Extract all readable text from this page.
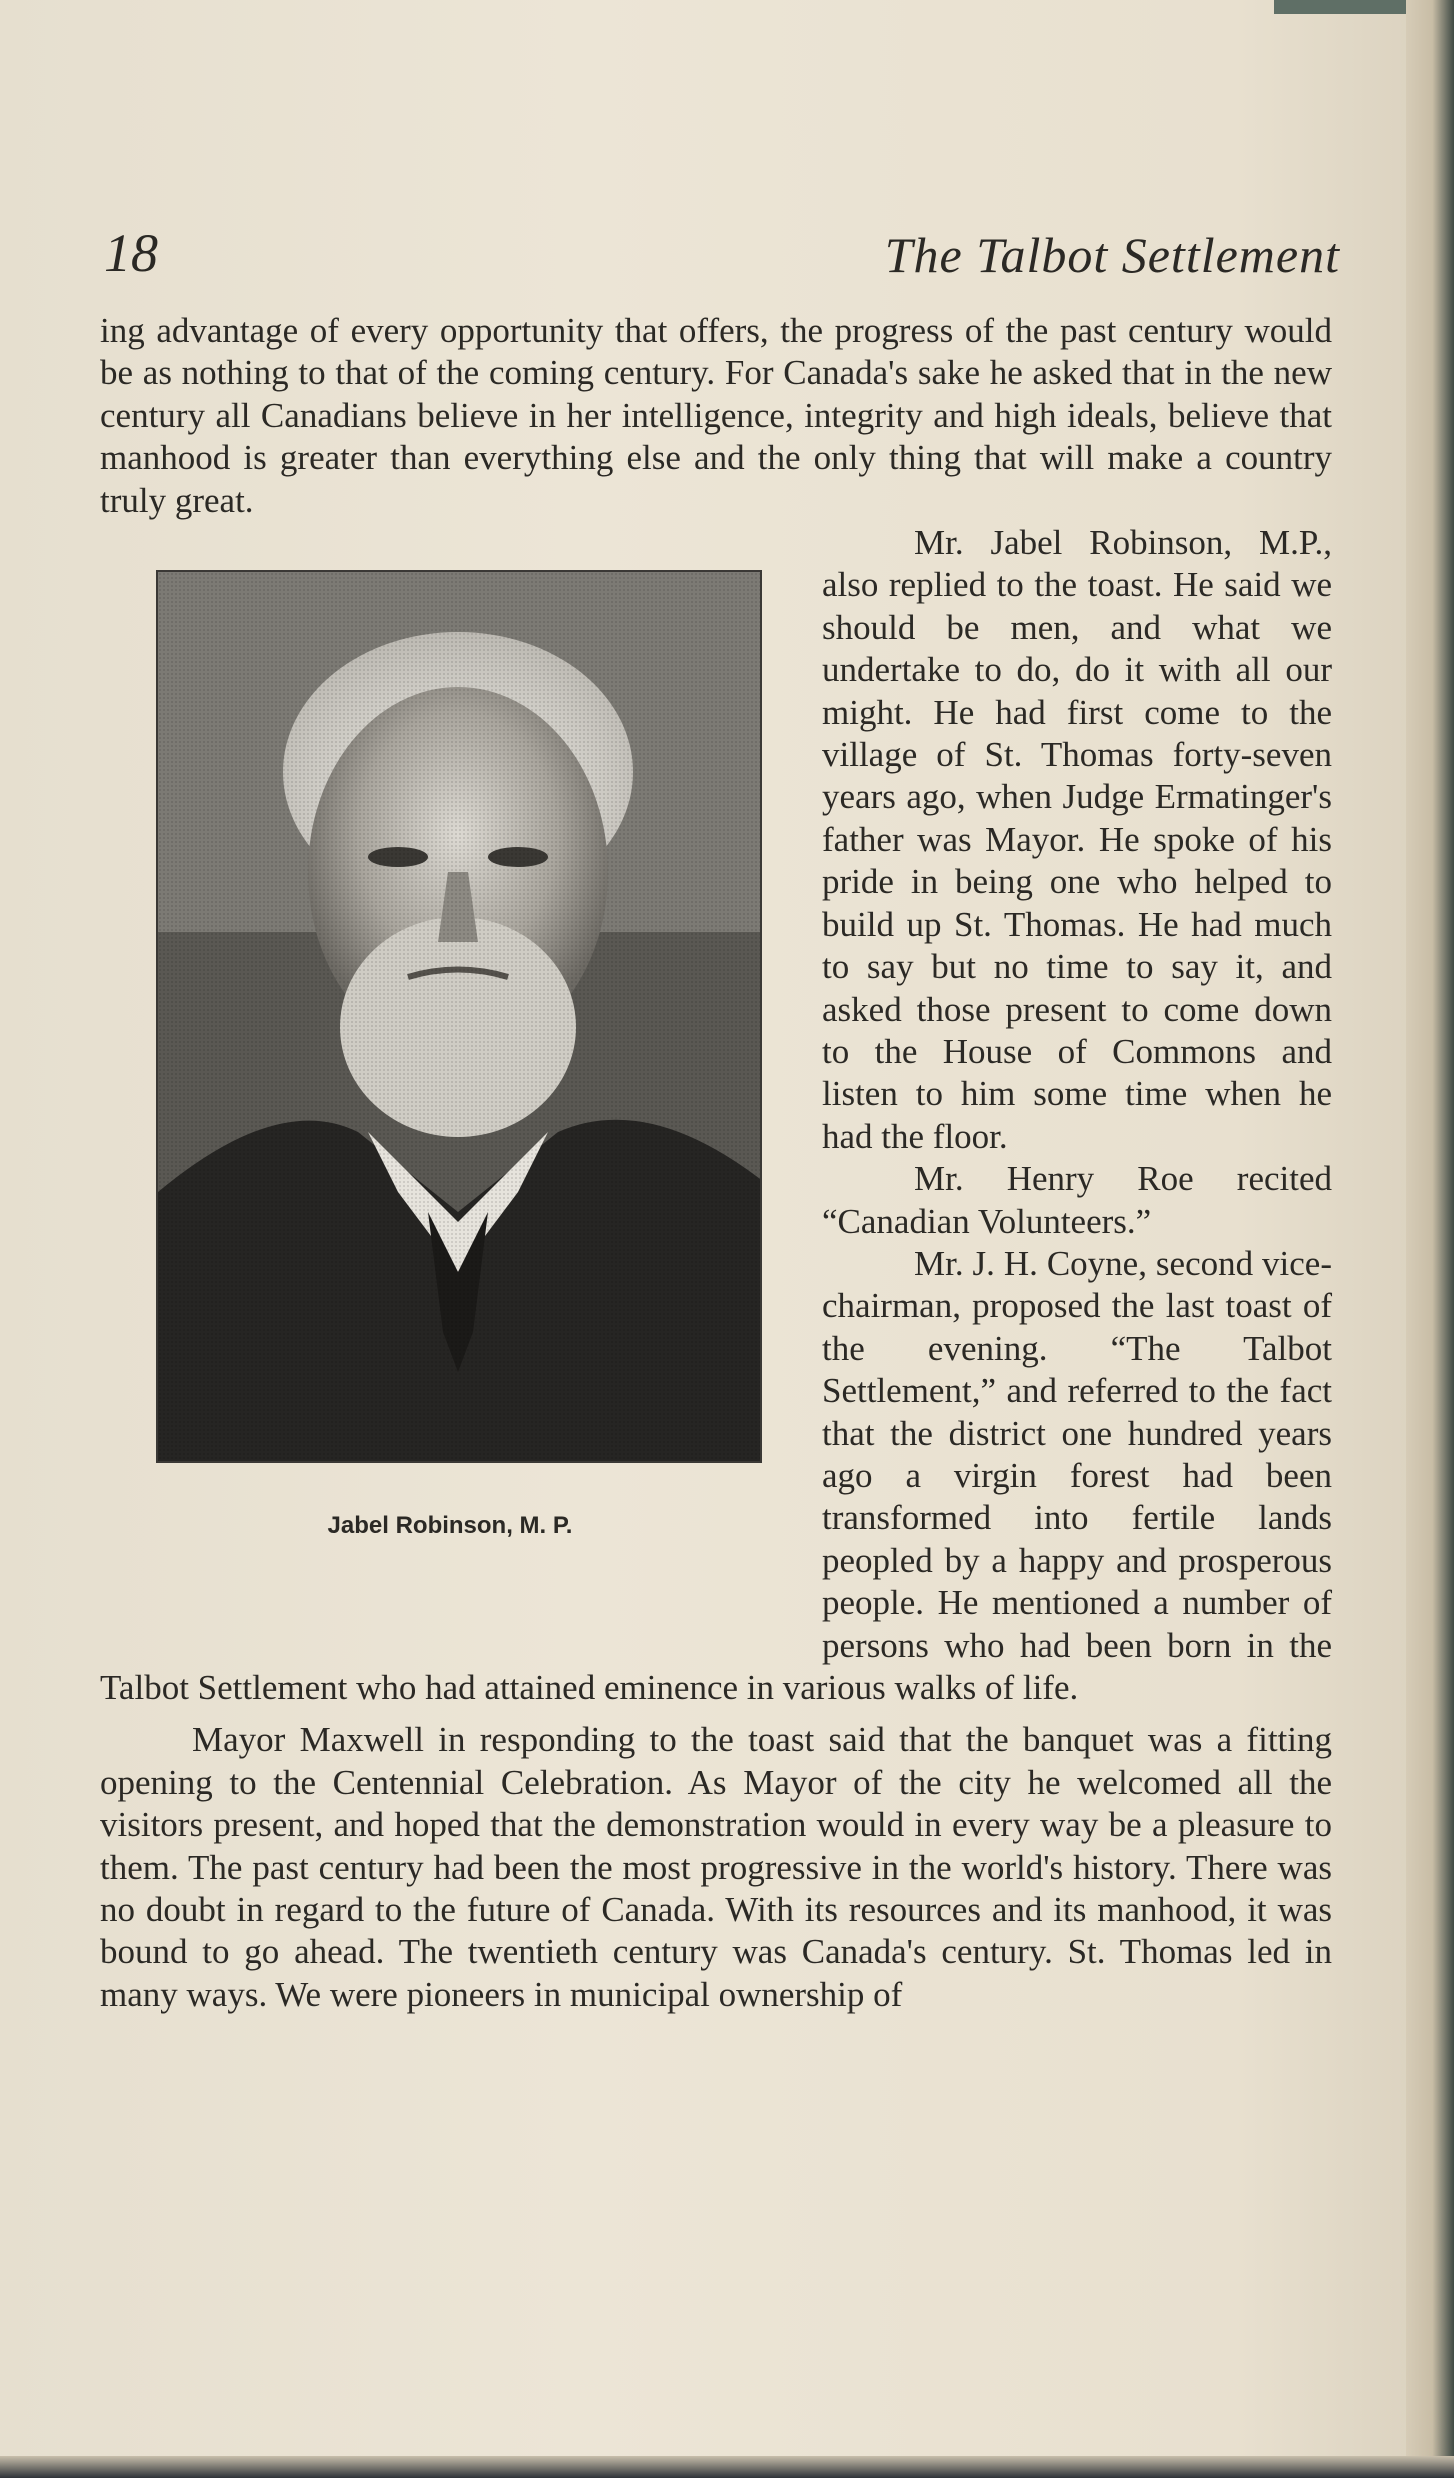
18	The Talbot Settlement

ing advantage of every opportunity that offers, the progress of the past century would be as nothing to that of the coming century. For Canada's sake he asked that in the new century all Canadians believe in her intelligence, integrity and high ideals, believe that manhood is greater than everything else and the only thing that will make a country truly great.

Jabel Robinson, M. P.

Mr. Jabel Robinson, M.P., also replied to the toast. He said we should be men, and what we undertake to do, do it with all our might. He had first come to the village of St. Thomas forty-seven years ago, when Judge Ermatinger's father was Mayor. He spoke of his pride in being one who helped to build up St. Thomas. He had much to say but no time to say it, and asked those present to come down to the House of Commons and listen to him some time when he had the floor.

Mr. Henry Roe recited “Canadian Volunteers.”

Mr. J. H. Coyne, second vice-chairman, proposed the last toast of the evening. “The Talbot Settlement,” and referred to the fact that the district one hundred years ago a virgin forest had been transformed into fertile lands peopled by a happy and prosperous people. He mentioned a number of persons who had been born in the Talbot Settlement who had attained eminence in various walks of life.

Mayor Maxwell in responding to the toast said that the banquet was a fitting opening to the Centennial Celebration. As Mayor of the city he welcomed all the visitors present, and hoped that the demonstration would in every way be a pleasure to them. The past century had been the most progressive in the world's history. There was no doubt in regard to the future of Canada. With its resources and its manhood, it was bound to go ahead. The twentieth century was Canada's century. St. Thomas led in many ways. We were pioneers in municipal ownership of
